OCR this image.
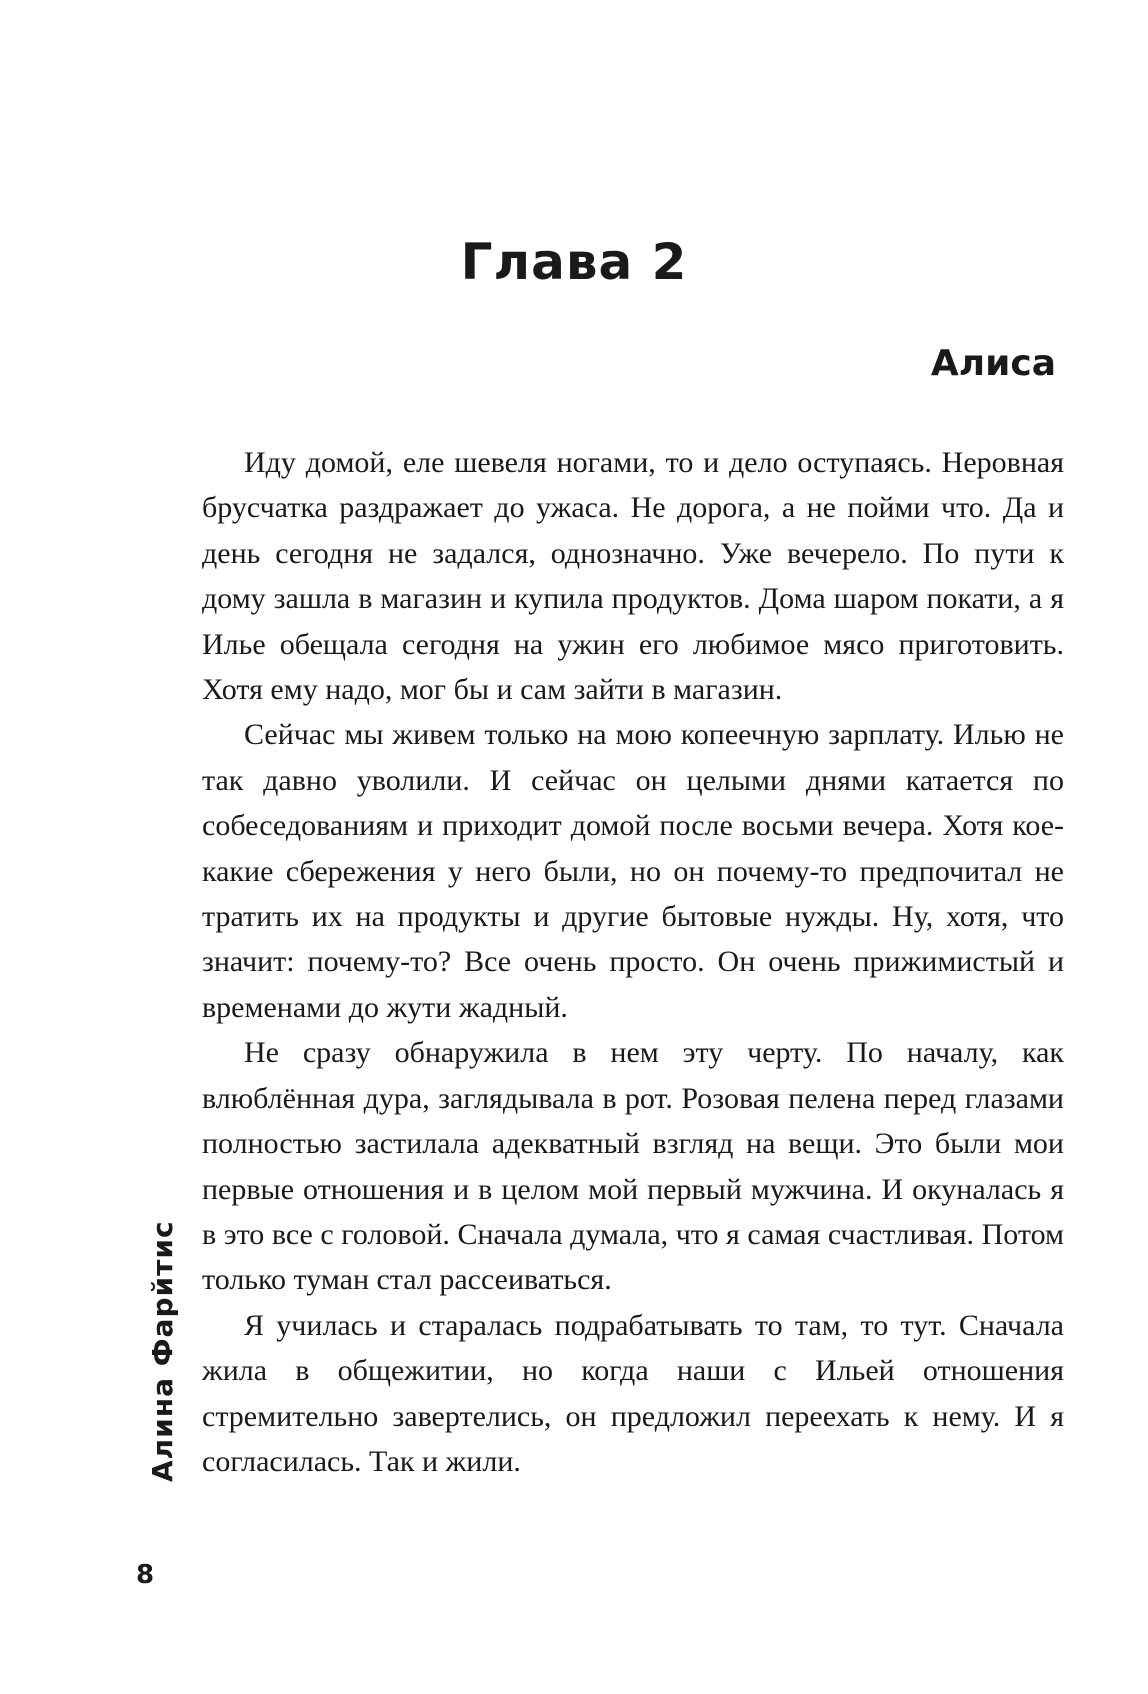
Глава 2
Алиса

Иду домой, еле шевеля ногами, то и дело оступаясь. Неровная брусчатка раздражает до ужаса. Не дорога, а не пойми что. Да и день сегодня не задался, однозначно. Уже вечерело. По пути к дому зашла в магазин и купила продуктов. Дома шаром покати, а я Илье обещала сегодня на ужин его любимое мясо приготовить. Хотя ему надо, мог бы и сам зайти в магазин.

Сейчас мы живем только на мою копеечную зарплату. Илью не так давно уволили. И сейчас он целыми днями катается по собеседованиям и приходит домой после восьми вечера. Хотя кое-какие сбережения у него были, но он почему-то предпочитал не тратить их на продукты и другие бытовые нужды. Ну, хотя, что значит: почему-то? Все очень просто. Он очень прижимистый и временами до жути жадный.

Не сразу обнаружила в нем эту черту. По началу, как влюблённая дура, заглядывала в рот. Розовая пелена перед глазами полностью застилала адекватный взгляд на вещи. Это были мои первые отношения и в целом мой первый мужчина. И окуналась я в это все с головой. Сначала думала, что я самая счастливая. Потом только туман стал рассеиваться.

Я училась и старалась подрабатывать то там, то тут. Сначала жила в общежитии, но когда наши с Ильей отношения стремительно завертелись, он предложил переехать к нему. И я согласилась. Так и жили.

Алина Фарйтис
8
